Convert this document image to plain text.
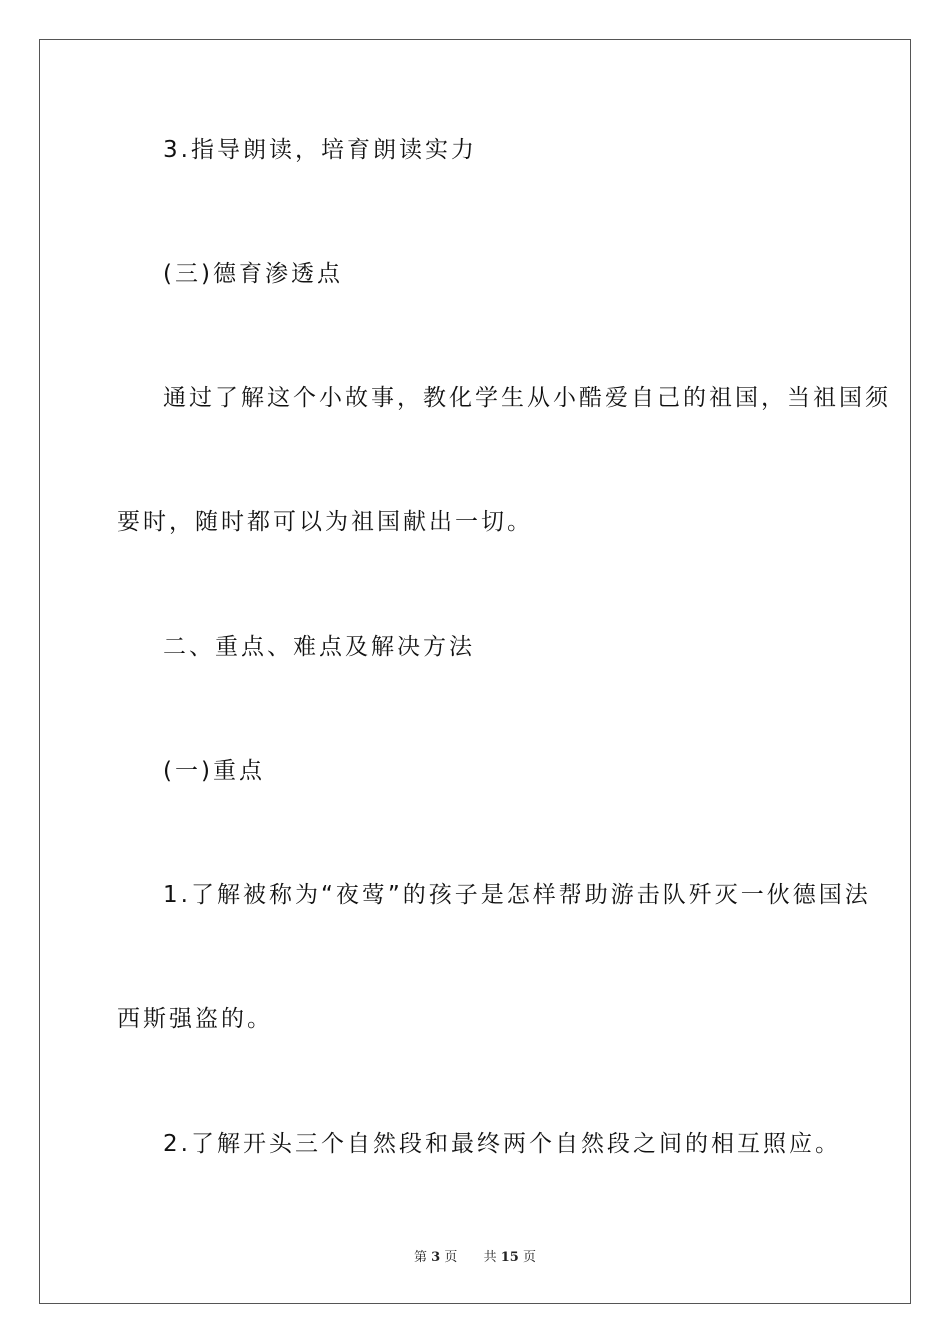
3.指导朗读，培育朗读实力
(三)德育渗透点
通过了解这个小故事，教化学生从小酷爱自己的祖国，当祖国须
要时，随时都可以为祖国献出一切。
二、重点、难点及解决方法
(一)重点
1.了解被称为“夜莺”的孩子是怎样帮助游击队歼灭一伙德国法
西斯强盗的。
2.了解开头三个自然段和最终两个自然段之间的相互照应。
第 3 页 共 15 页
